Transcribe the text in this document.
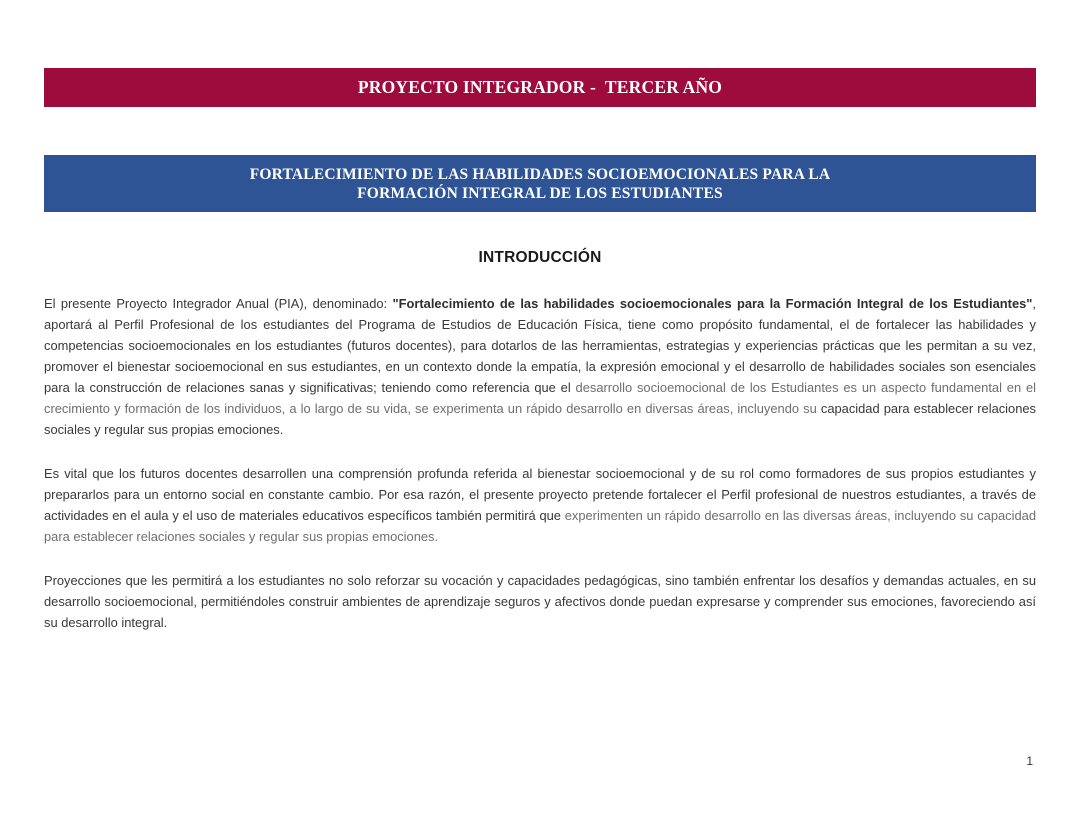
PROYECTO INTEGRADOR -  TERCER AÑO
FORTALECIMIENTO DE LAS HABILIDADES SOCIOEMOCIONALES PARA LA
FORMACIÓN INTEGRAL DE LOS ESTUDIANTES
INTRODUCCIÓN

El presente Proyecto Integrador Anual (PIA), denominado: "Fortalecimiento de las habilidades socioemocionales para la Formación Integral de los Estudiantes", aportará al Perfil Profesional de los estudiantes del Programa de Estudios de Educación Física, tiene como propósito fundamental, el de fortalecer las habilidades y competencias socioemocionales en los estudiantes (futuros docentes), para dotarlos de las herramientas, estrategias y experiencias prácticas que les permitan a su vez, promover el bienestar socioemocional en sus estudiantes, en un contexto donde la empatía, la expresión emocional y el desarrollo de habilidades sociales son esenciales para la construcción de relaciones sanas y significativas; teniendo como referencia que el desarrollo socioemocional de los Estudiantes es un aspecto fundamental en el crecimiento y formación de los individuos, a lo largo de su vida, se experimenta un rápido desarrollo en diversas áreas, incluyendo su capacidad para establecer relaciones sociales y regular sus propias emociones.

Es vital que los futuros docentes desarrollen una comprensión profunda referida al bienestar socioemocional y de su rol como formadores de sus propios estudiantes y prepararlos para un entorno social en constante cambio. Por esa razón, el presente proyecto pretende fortalecer el Perfil profesional de nuestros estudiantes, a través de actividades en el aula y el uso de materiales educativos específicos también permitirá que experimenten un rápido desarrollo en las diversas áreas, incluyendo su capacidad para establecer relaciones sociales y regular sus propias emociones.

Proyecciones que les permitirá a los estudiantes no solo reforzar su vocación y capacidades pedagógicas, sino también enfrentar los desafíos y demandas actuales, en su desarrollo socioemocional, permitiéndoles construir ambientes de aprendizaje seguros y afectivos donde puedan expresarse y comprender sus emociones, favoreciendo así su desarrollo integral.

1
